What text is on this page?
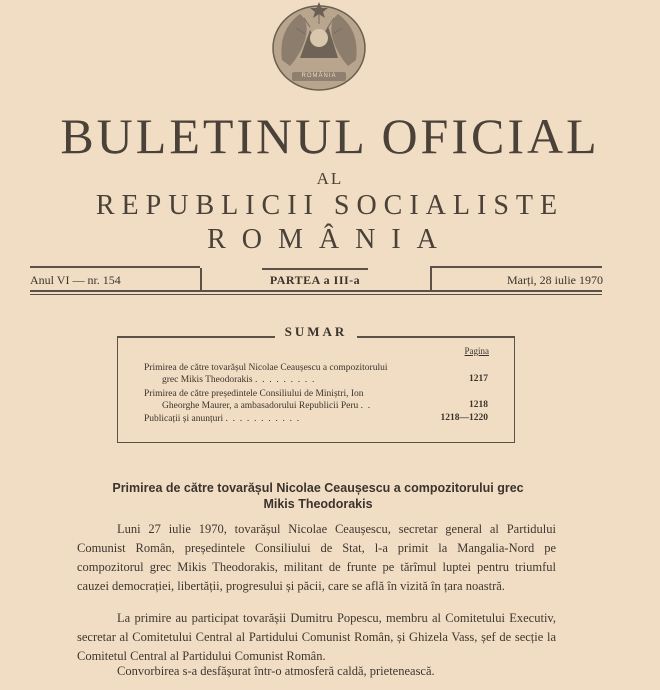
ROMÂNIA
BULETINUL OFICIAL
AL
REPUBLICII SOCIALISTE
ROMÂNIA
Anul VI — nr. 154	PARTEA a III-a	Marți, 28 iulie 1970
SUMAR
Pagina
Primirea de către tovarășul Nicolae Ceaușescu a compozitorului
grec Mikis Theodorakis .  .  .  .  .  .  .  .  .	1217
Primirea de către președintele Consiliului de Miniștri, Ion
Gheorghe Maurer, a ambasadorului Republicii Peru .  .	1218
Publicații și anunțuri .  .  .  .  .  .  .  .  .  .  .	1218—1220
Primirea de către tovarășul Nicolae Ceaușescu a compozitorului grec
Mikis Theodorakis
Luni 27 iulie 1970, tovarășul Nicolae Ceaușescu, secretar general al Partidului Comunist Român, președintele Consiliului de Stat, l-a primit la Mangalia-Nord pe compozitorul grec Mikis Theodorakis, militant de frunte pe tărîmul luptei pentru triumful cauzei democrației, libertății, progresului și păcii, care se află în vizită în țara noastră.
La primire au participat tovarășii Dumitru Popescu, membru al Comitetului Executiv, secretar al Comitetului Central al Partidului Comunist Român, și Ghizela Vass, șef de secție la Comitetul Central al Partidului Comunist Român.
Convorbirea s-a desfășurat într-o atmosferă caldă, prietenească.
